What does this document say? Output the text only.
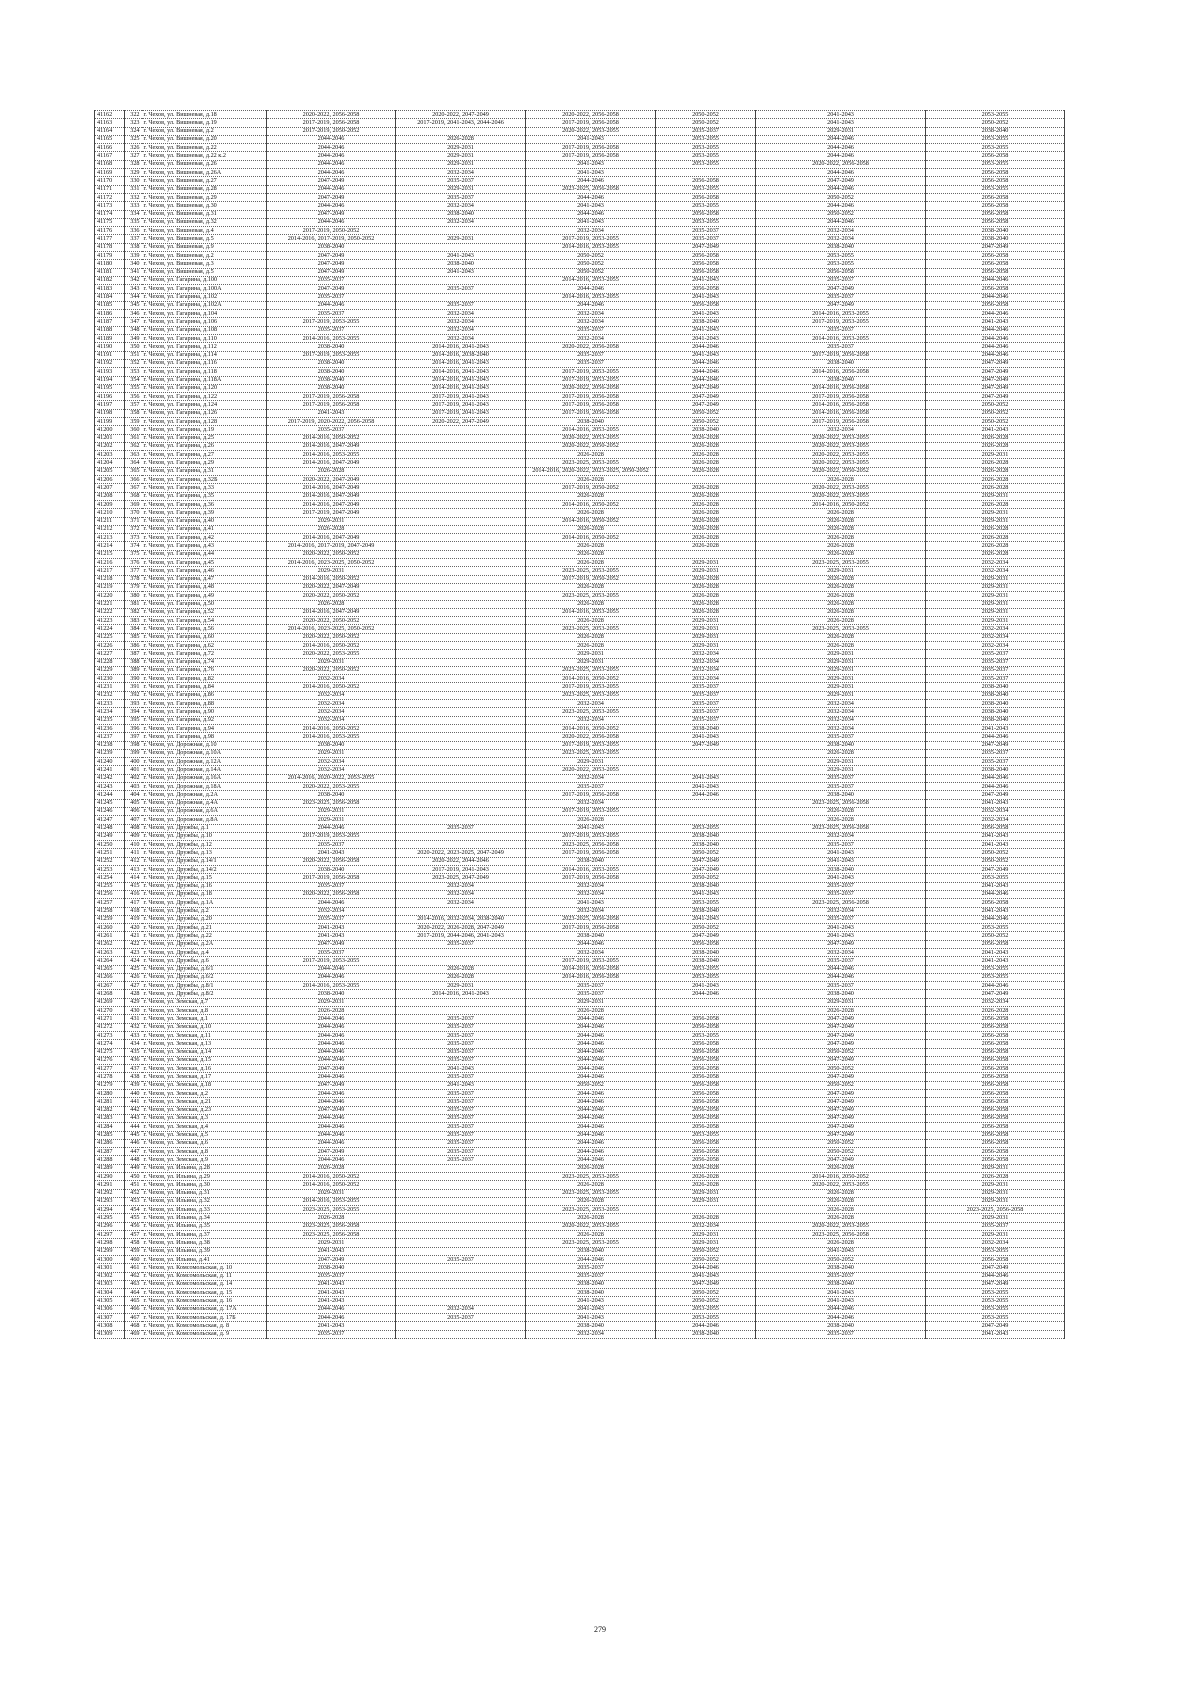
41162	322	г. Чехов, ул. Вишневая, д.18	2020-2022, 2056-2058	2020-2022, 2047-2049	2020-2022, 2056-2058	2050-2052	2041-2043	2053-2055
41163	323	г. Чехов, ул. Вишневая, д.19	2017-2019, 2056-2058	2017-2019, 2041-2043, 2044-2046	2017-2019, 2056-2058	2050-2052	2041-2043	2050-2052
41164	324	г. Чехов, ул. Вишневая, д.2	2017-2019, 2050-2052		2020-2022, 2053-2055	2035-2037	2029-2031	2038-2040
41165	325	г. Чехов, ул. Вишневая, д.20	2044-2046	2026-2028	2041-2043	2053-2055	2044-2046	2053-2055
41166	326	г. Чехов, ул. Вишневая, д.22	2044-2046	2029-2031	2017-2019, 2056-2058	2053-2055	2044-2046	2053-2055
41167	327	г. Чехов, ул. Вишневая, д.22 к.2	2044-2046	2029-2031	2017-2019, 2056-2058	2053-2055	2044-2046	2056-2058
41168	328	г. Чехов, ул. Вишневая, д.26	2044-2046	2029-2031	2041-2043	2053-2055	2020-2022, 2056-2058	2053-2055
41169	329	г. Чехов, ул. Вишневая, д.26А	2044-2046	2032-2034	2041-2043		2044-2046	2056-2058
41170	330	г. Чехов, ул. Вишневая, д.27	2047-2049	2035-2037	2044-2046	2056-2058	2047-2049	2056-2058
41171	331	г. Чехов, ул. Вишневая, д.28	2044-2046	2029-2031	2023-2025, 2056-2058	2053-2055	2044-2046	2053-2055
41172	332	г. Чехов, ул. Вишневая, д.29	2047-2049	2035-2037	2044-2046	2056-2058	2050-2052	2056-2058
41173	333	г. Чехов, ул. Вишневая, д.30	2044-2046	2032-2034	2041-2043	2053-2055	2044-2046	2056-2058
41174	334	г. Чехов, ул. Вишневая, д.31	2047-2049	2038-2040	2044-2046	2056-2058	2050-2052	2056-2058
41175	335	г. Чехов, ул. Вишневая, д.32	2044-2046	2032-2034	2041-2043	2053-2055	2044-2046	2056-2058
41176	336	г. Чехов, ул. Вишневая, д.4	2017-2019, 2050-2052		2032-2034	2035-2037	2032-2034	2038-2040
41177	337	г. Чехов, ул. Вишневая, д.5	2014-2016, 2017-2019, 2050-2052	2029-2031	2017-2019, 2053-2055	2035-2037	2032-2034	2038-2040
41178	338	г. Чехов, ул. Вишневая, д.9	2038-2040		2014-2016, 2053-2055	2047-2049	2038-2040	2047-2049
41179	339	г. Чехов, ул. Вишневая, д.2	2047-2049	2041-2043	2050-2052	2056-2058	2053-2055	2056-2058
41180	340	г. Чехов, ул. Вишневая, д.3	2047-2049	2038-2040	2050-2052	2056-2058	2053-2055	2056-2058
41181	341	г. Чехов, ул. Вишневая, д.5	2047-2049	2041-2043	2050-2052	2056-2058	2056-2058	2056-2058
41182	342	г. Чехов, ул. Гагарина, д.100	2035-2037		2014-2016, 2053-2055	2041-2043	2035-2037	2044-2046
41183	343	г. Чехов, ул. Гагарина, д.100А	2047-2049	2035-2037	2044-2046	2056-2058	2047-2049	2056-2058
41184	344	г. Чехов, ул. Гагарина, д.102	2035-2037		2014-2016, 2053-2055	2041-2043	2035-2037	2044-2046
41185	345	г. Чехов, ул. Гагарина, д.102А	2044-2046	2035-2037	2044-2046	2056-2058	2047-2049	2056-2058
41186	346	г. Чехов, ул. Гагарина, д.104	2035-2037	2032-2034	2032-2034	2041-2043	2014-2016, 2053-2055	2044-2046
41187	347	г. Чехов, ул. Гагарина, д.106	2017-2019, 2053-2055	2032-2034	2032-2034	2038-2040	2017-2019, 2053-2055	2041-2043
41188	348	г. Чехов, ул. Гагарина, д.108	2035-2037	2032-2034	2035-2037	2041-2043	2035-2037	2044-2046
41189	349	г. Чехов, ул. Гагарина, д.110	2014-2016, 2053-2055	2032-2034	2032-2034	2041-2043	2014-2016, 2053-2055	2044-2046
41190	350	г. Чехов, ул. Гагарина, д.112	2038-2040	2014-2016, 2041-2043	2020-2022, 2056-2058	2044-2046	2035-2037	2044-2046
41191	351	г. Чехов, ул. Гагарина, д.114	2017-2019, 2053-2055	2014-2016, 2038-2040	2035-2037	2041-2043	2017-2019, 2056-2058	2044-2046
41192	352	г. Чехов, ул. Гагарина, д.116	2038-2040	2014-2016, 2041-2043	2035-2037	2044-2046	2038-2040	2047-2049
41193	353	г. Чехов, ул. Гагарина, д.118	2038-2040	2014-2016, 2041-2043	2017-2019, 2053-2055	2044-2046	2014-2016, 2056-2058	2047-2049
41194	354	г. Чехов, ул. Гагарина, д.118А	2038-2040	2014-2016, 2041-2043	2017-2019, 2053-2055	2044-2046	2038-2040	2047-2049
41195	355	г. Чехов, ул. Гагарина, д.120	2038-2040	2014-2016, 2041-2043	2020-2022, 2056-2058	2047-2049	2014-2016, 2056-2058	2047-2049
41196	356	г. Чехов, ул. Гагарина, д.122	2017-2019, 2056-2058	2017-2019, 2041-2043	2017-2019, 2056-2058	2047-2049	2017-2019, 2056-2058	2047-2049
41197	357	г. Чехов, ул. Гагарина, д.124	2017-2019, 2056-2058	2017-2019, 2041-2043	2017-2019, 2056-2058	2047-2049	2014-2016, 2056-2058	2050-2052
41198	358	г. Чехов, ул. Гагарина, д.126	2041-2043	2017-2019, 2041-2043	2017-2019, 2056-2058	2050-2052	2014-2016, 2056-2058	2050-2052
41199	359	г. Чехов, ул. Гагарина, д.128	2017-2019, 2020-2022, 2056-2058	2020-2022, 2047-2049	2038-2040	2050-2052	2017-2019, 2056-2058	2050-2052
41200	360	г. Чехов, ул. Гагарина, д.19	2035-2037		2014-2016, 2053-2055	2038-2040	2032-2034	2041-2043
41201	361	г. Чехов, ул. Гагарина, д.25	2014-2016, 2050-2052		2020-2022, 2053-2055	2026-2028	2020-2022, 2053-2055	2026-2028
41202	362	г. Чехов, ул. Гагарина, д.26	2014-2016, 2047-2049		2020-2022, 2050-2052	2026-2028	2020-2022, 2053-2055	2026-2028
41203	363	г. Чехов, ул. Гагарина, д.27	2014-2016, 2053-2055		2026-2028	2026-2028	2020-2022, 2053-2055	2029-2031
41204	364	г. Чехов, ул. Гагарина, д.29	2014-2016, 2047-2049		2023-2025, 2053-2055	2026-2028	2020-2022, 2053-2055	2026-2028
41205	365	г. Чехов, ул. Гагарина, д.31	2026-2028		2014-2016, 2020-2022, 2023-2025, 2050-2052	2026-2028	2020-2022, 2050-2052	2026-2028
41206	366	г. Чехов, ул. Гагарина, д.32Б	2020-2022, 2047-2049		2026-2028		2026-2028	2026-2028
41207	367	г. Чехов, ул. Гагарина, д.33	2014-2016, 2047-2049		2017-2019, 2050-2052	2026-2028	2020-2022, 2053-2055	2026-2028
41208	368	г. Чехов, ул. Гагарина, д.35	2014-2016, 2047-2049		2026-2028	2026-2028	2020-2022, 2053-2055	2029-2031
41209	369	г. Чехов, ул. Гагарина, д.36	2014-2016, 2047-2049		2014-2016, 2050-2052	2026-2028	2014-2016, 2050-2052	2026-2028
41210	370	г. Чехов, ул. Гагарина, д.39	2017-2019, 2047-2049		2026-2028	2026-2028	2026-2028	2029-2031
41211	371	г. Чехов, ул. Гагарина, д.40	2029-2031		2014-2016, 2050-2052	2026-2028	2026-2028	2029-2031
41212	372	г. Чехов, ул. Гагарина, д.41	2026-2028		2026-2028	2026-2028	2026-2028	2026-2028
41213	373	г. Чехов, ул. Гагарина, д.42	2014-2016, 2047-2049		2014-2016, 2050-2052	2026-2028	2026-2028	2026-2028
41214	374	г. Чехов, ул. Гагарина, д.43	2014-2016, 2017-2019, 2047-2049		2026-2028	2026-2028	2026-2028	2026-2028
41215	375	г. Чехов, ул. Гагарина, д.44	2020-2022, 2050-2052		2026-2028		2026-2028	2026-2028
41216	376	г. Чехов, ул. Гагарина, д.45	2014-2016, 2023-2025, 2050-2052		2026-2028	2029-2031	2023-2025, 2053-2055	2032-2034
41217	377	г. Чехов, ул. Гагарина, д.46	2029-2031		2023-2025, 2053-2055	2029-2031	2029-2031	2032-2034
41218	378	г. Чехов, ул. Гагарина, д.47	2014-2016, 2050-2052		2017-2019, 2050-2052	2026-2028	2026-2028	2029-2031
41219	379	г. Чехов, ул. Гагарина, д.48	2020-2022, 2047-2049		2026-2028	2026-2028	2026-2028	2029-2031
41220	380	г. Чехов, ул. Гагарина, д.49	2020-2022, 2050-2052		2023-2025, 2053-2055	2026-2028	2026-2028	2029-2031
41221	381	г. Чехов, ул. Гагарина, д.50	2026-2028		2026-2028	2026-2028	2026-2028	2029-2031
41222	382	г. Чехов, ул. Гагарина, д.52	2014-2016, 2047-2049		2014-2016, 2053-2055	2026-2028	2026-2028	2029-2031
41223	383	г. Чехов, ул. Гагарина, д.54	2020-2022, 2050-2052		2026-2028	2029-2031	2026-2028	2029-2031
41224	384	г. Чехов, ул. Гагарина, д.56	2014-2016, 2023-2025, 2050-2052		2023-2025, 2053-2055	2029-2031	2023-2025, 2053-2055	2032-2034
41225	385	г. Чехов, ул. Гагарина, д.60	2020-2022, 2050-2052		2026-2028	2029-2031	2026-2028	2032-2034
41226	386	г. Чехов, ул. Гагарина, д.62	2014-2016, 2050-2052		2026-2028	2029-2031	2026-2028	2032-2034
41227	387	г. Чехов, ул. Гагарина, д.72	2020-2022, 2053-2055		2029-2031	2032-2034	2029-2031	2035-2037
41228	388	г. Чехов, ул. Гагарина, д.74	2029-2031		2029-2031	2032-2034	2029-2031	2035-2037
41229	389	г. Чехов, ул. Гагарина, д.76	2020-2022, 2050-2052		2023-2025, 2053-2055	2032-2034	2029-2031	2035-2037
41230	390	г. Чехов, ул. Гагарина, д.82	2032-2034		2014-2016, 2050-2052	2032-2034	2029-2031	2035-2037
41231	391	г. Чехов, ул. Гагарина, д.84	2014-2016, 2050-2052		2017-2019, 2053-2055	2035-2037	2029-2031	2038-2040
41232	392	г. Чехов, ул. Гагарина, д.86	2032-2034		2023-2025, 2053-2055	2035-2037	2029-2031	2038-2040
41233	393	г. Чехов, ул. Гагарина, д.88	2032-2034		2032-2034	2035-2037	2032-2034	2038-2040
41234	394	г. Чехов, ул. Гагарина, д.90	2032-2034		2023-2025, 2053-2055	2035-2037	2032-2034	2038-2040
41235	395	г. Чехов, ул. Гагарина, д.92	2032-2034		2032-2034	2035-2037	2032-2034	2038-2040
41236	396	г. Чехов, ул. Гагарина, д.94	2014-2016, 2050-2052		2014-2016, 2050-2052	2038-2040	2032-2034	2041-2043
41237	397	г. Чехов, ул. Гагарина, д.98	2014-2016, 2053-2055		2020-2022, 2056-2058	2041-2043	2035-2037	2044-2046
41238	398	г. Чехов, ул. Дорожная, д.10	2038-2040		2017-2019, 2053-2055	2047-2049	2038-2040	2047-2049
41239	399	г. Чехов, ул. Дорожная, д.10А	2029-2031		2023-2025, 2053-2055		2026-2028	2035-2037
41240	400	г. Чехов, ул. Дорожная, д.12А	2032-2034		2029-2031		2029-2031	2035-2037
41241	401	г. Чехов, ул. Дорожная, д.14А	2032-2034		2020-2022, 2053-2055		2029-2031	2038-2040
41242	402	г. Чехов, ул. Дорожная, д.16А	2014-2016, 2020-2022, 2053-2055		2032-2034	2041-2043	2035-2037	2044-2046
41243	403	г. Чехов, ул. Дорожная, д.18А	2020-2022, 2053-2055		2035-2037	2041-2043	2035-2037	2044-2046
41244	404	г. Чехов, ул. Дорожная, д.2А	2038-2040		2017-2019, 2056-2058	2044-2046	2038-2040	2047-2049
41245	405	г. Чехов, ул. Дорожная, д.4А	2023-2025, 2056-2058		2032-2034		2023-2025, 2056-2058	2041-2043
41246	406	г. Чехов, ул. Дорожная, д.6А	2029-2031		2017-2019, 2053-2055		2026-2028	2032-2034
41247	407	г. Чехов, ул. Дорожная, д.8А	2029-2031		2026-2028		2026-2028	2032-2034
41248	408	г. Чехов, ул. Дружбы, д.1	2044-2046	2035-2037	2041-2043	2053-2055	2023-2025, 2056-2058	2056-2058
41249	409	г. Чехов, ул. Дружбы, д.10	2017-2019, 2053-2055		2017-2019, 2053-2055	2038-2040	2032-2034	2041-2043
41250	410	г. Чехов, ул. Дружбы, д.12	2035-2037		2023-2025, 2056-2058	2038-2040	2035-2037	2041-2043
41251	411	г. Чехов, ул. Дружбы, д.13	2041-2043	2020-2022, 2023-2025, 2047-2049	2017-2019, 2056-2058	2050-2052	2041-2043	2050-2052
41252	412	г. Чехов, ул. Дружбы, д.14/1	2020-2022, 2056-2058	2020-2022, 2044-2046	2038-2040	2047-2049	2041-2043	2050-2052
41253	413	г. Чехов, ул. Дружбы, д.14/2	2038-2040	2017-2019, 2041-2043	2014-2016, 2053-2055	2047-2049	2038-2040	2047-2049
41254	414	г. Чехов, ул. Дружбы, д.15	2017-2019, 2056-2058	2023-2025, 2047-2049	2017-2019, 2056-2058	2050-2052	2041-2043	2053-2055
41255	415	г. Чехов, ул. Дружбы, д.16	2035-2037	2032-2034	2032-2034	2038-2040	2035-2037	2041-2043
41256	416	г. Чехов, ул. Дружбы, д.18	2020-2022, 2056-2058	2032-2034	2032-2034	2041-2043	2035-2037	2044-2046
41257	417	г. Чехов, ул. Дружбы, д.1А	2044-2046	2032-2034	2041-2043	2053-2055	2023-2025, 2056-2058	2056-2058
41258	418	г. Чехов, ул. Дружбы, д.2	2032-2034		2032-2034	2038-2040	2032-2034	2041-2043
41259	419	г. Чехов, ул. Дружбы, д.20	2035-2037	2014-2016, 2032-2034, 2038-2040	2023-2025, 2056-2058	2041-2043	2035-2037	2044-2046
41260	420	г. Чехов, ул. Дружбы, д.21	2041-2043	2020-2022, 2026-2028, 2047-2049	2017-2019, 2056-2058	2050-2052	2041-2043	2053-2055
41261	421	г. Чехов, ул. Дружбы, д.22	2041-2043	2017-2019, 2044-2046, 2041-2043	2038-2040	2047-2049	2041-2043	2050-2052
41262	422	г. Чехов, ул. Дружбы, д.2А	2047-2049	2035-2037	2044-2046	2056-2058	2047-2049	2056-2058
41263	423	г. Чехов, ул. Дружбы, д.4	2035-2037		2032-2034	2038-2040	2032-2034	2041-2043
41264	424	г. Чехов, ул. Дружбы, д.6	2017-2019, 2053-2055		2017-2019, 2053-2055	2038-2040	2035-2037	2041-2043
41265	425	г. Чехов, ул. Дружбы, д.6/1	2044-2046	2026-2028	2014-2016, 2056-2058	2053-2055	2044-2046	2053-2055
41266	426	г. Чехов, ул. Дружбы, д.6/2	2044-2046	2026-2028	2014-2016, 2056-2058	2053-2055	2044-2046	2053-2055
41267	427	г. Чехов, ул. Дружбы, д.8/1	2014-2016, 2053-2055	2029-2031	2035-2037	2041-2043	2035-2037	2044-2046
41268	428	г. Чехов, ул. Дружбы, д.8/2	2038-2040	2014-2016, 2041-2043	2035-2037	2044-2046	2038-2040	2047-2049
41269	429	г. Чехов, ул. Земская, д.7	2029-2031		2029-2031		2029-2031	2032-2034
41270	430	г. Чехов, ул. Земская, д.8	2026-2028		2026-2028		2026-2028	2026-2028
41271	431	г. Чехов, ул. Земская, д.1	2044-2046	2035-2037	2044-2046	2056-2058	2047-2049	2056-2058
41272	432	г. Чехов, ул. Земская, д.10	2044-2046	2035-2037	2044-2046	2056-2058	2047-2049	2056-2058
41273	433	г. Чехов, ул. Земская, д.11	2044-2046	2035-2037	2044-2046	2053-2055	2047-2049	2056-2058
41274	434	г. Чехов, ул. Земская, д.13	2044-2046	2035-2037	2044-2046	2056-2058	2047-2049	2056-2058
41275	435	г. Чехов, ул. Земская, д.14	2044-2046	2035-2037	2044-2046	2056-2058	2050-2052	2056-2058
41276	436	г. Чехов, ул. Земская, д.15	2044-2046	2035-2037	2044-2046	2056-2058	2047-2049	2056-2058
41277	437	г. Чехов, ул. Земская, д.16	2047-2049	2041-2043	2044-2046	2056-2058	2050-2052	2056-2058
41278	438	г. Чехов, ул. Земская, д.17	2044-2046	2035-2037	2044-2046	2056-2058	2047-2049	2056-2058
41279	439	г. Чехов, ул. Земская, д.18	2047-2049	2041-2043	2050-2052	2056-2058	2050-2052	2056-2058
41280	440	г. Чехов, ул. Земская, д.2	2044-2046	2035-2037	2044-2046	2056-2058	2047-2049	2056-2058
41281	441	г. Чехов, ул. Земская, д.21	2044-2046	2035-2037	2044-2046	2056-2058	2047-2049	2056-2058
41282	442	г. Чехов, ул. Земская, д.23	2047-2049	2035-2037	2044-2046	2056-2058	2047-2049	2056-2058
41283	443	г. Чехов, ул. Земская, д.3	2044-2046	2035-2037	2044-2046	2056-2058	2047-2049	2056-2058
41284	444	г. Чехов, ул. Земская, д.4	2044-2046	2035-2037	2044-2046	2056-2058	2047-2049	2056-2058
41285	445	г. Чехов, ул. Земская, д.5	2044-2046	2035-2037	2044-2046	2053-2055	2047-2049	2056-2058
41286	446	г. Чехов, ул. Земская, д.6	2044-2046	2035-2037	2044-2046	2056-2058	2050-2052	2056-2058
41287	447	г. Чехов, ул. Земская, д.8	2047-2049	2035-2037	2044-2046	2056-2058	2050-2052	2056-2058
41288	448	г. Чехов, ул. Земская, д.9	2044-2046	2035-2037	2044-2046	2056-2058	2047-2049	2056-2058
41289	449	г. Чехов, ул. Ильина, д.28	2026-2028		2026-2028	2026-2028	2026-2028	2029-2031
41290	450	г. Чехов, ул. Ильина, д.29	2014-2016, 2050-2052		2023-2025, 2053-2055	2026-2028	2014-2016, 2050-2052	2026-2028
41291	451	г. Чехов, ул. Ильина, д.30	2014-2016, 2050-2052		2026-2028	2026-2028	2020-2022, 2053-2055	2029-2031
41292	452	г. Чехов, ул. Ильина, д.31	2029-2031		2023-2025, 2053-2055	2029-2031	2026-2028	2029-2031
41293	453	г. Чехов, ул. Ильина, д.32	2014-2016, 2053-2055		2026-2028	2029-2031	2026-2028	2029-2031
41294	454	г. Чехов, ул. Ильина, д.33	2023-2025, 2053-2055		2023-2025, 2053-2055		2026-2028	2023-2025, 2056-2058
41295	455	г. Чехов, ул. Ильина, д.34	2026-2028		2026-2028	2026-2028	2026-2028	2029-2031
41296	456	г. Чехов, ул. Ильина, д.35	2023-2025, 2056-2058		2020-2022, 2053-2055	2032-2034	2020-2022, 2053-2055	2035-2037
41297	457	г. Чехов, ул. Ильина, д.37	2023-2025, 2056-2058		2026-2028	2029-2031	2023-2025, 2056-2058	2029-2031
41298	458	г. Чехов, ул. Ильина, д.38	2029-2031		2023-2025, 2053-2055	2029-2031	2026-2028	2032-2034
41299	459	г. Чехов, ул. Ильина, д.39	2041-2043		2038-2040	2050-2052	2041-2043	2053-2055
41300	460	г. Чехов, ул. Ильина, д.41	2047-2049	2035-2037	2044-2046	2050-2052	2050-2052	2056-2058
41301	461	г. Чехов, ул. Комсомольская, д. 10	2038-2040		2035-2037	2044-2046	2038-2040	2047-2049
41302	462	г. Чехов, ул. Комсомольская, д. 11	2035-2037		2035-2037	2041-2043	2035-2037	2044-2046
41303	463	г. Чехов, ул. Комсомольская, д. 14	2041-2043		2038-2040	2047-2049	2038-2040	2047-2049
41304	464	г. Чехов, ул. Комсомольская, д. 15	2041-2043		2038-2040	2050-2052	2041-2043	2053-2055
41305	465	г. Чехов, ул. Комсомольская, д. 16	2041-2043		2041-2043	2050-2052	2041-2043	2053-2055
41306	466	г. Чехов, ул. Комсомольская, д. 17А	2044-2046	2032-2034	2041-2043	2053-2055	2044-2046	2053-2055
41307	467	г. Чехов, ул. Комсомольская, д. 17Б	2044-2046	2035-2037	2041-2043	2053-2055	2044-2046	2053-2055
41308	468	г. Чехов, ул. Комсомольская, д. 8	2041-2043		2038-2040	2044-2046	2038-2040	2047-2049
41309	469	г. Чехов, ул. Комсомольская, д. 9	2035-2037		2032-2034	2038-2040	2035-2037	2041-2043
279
